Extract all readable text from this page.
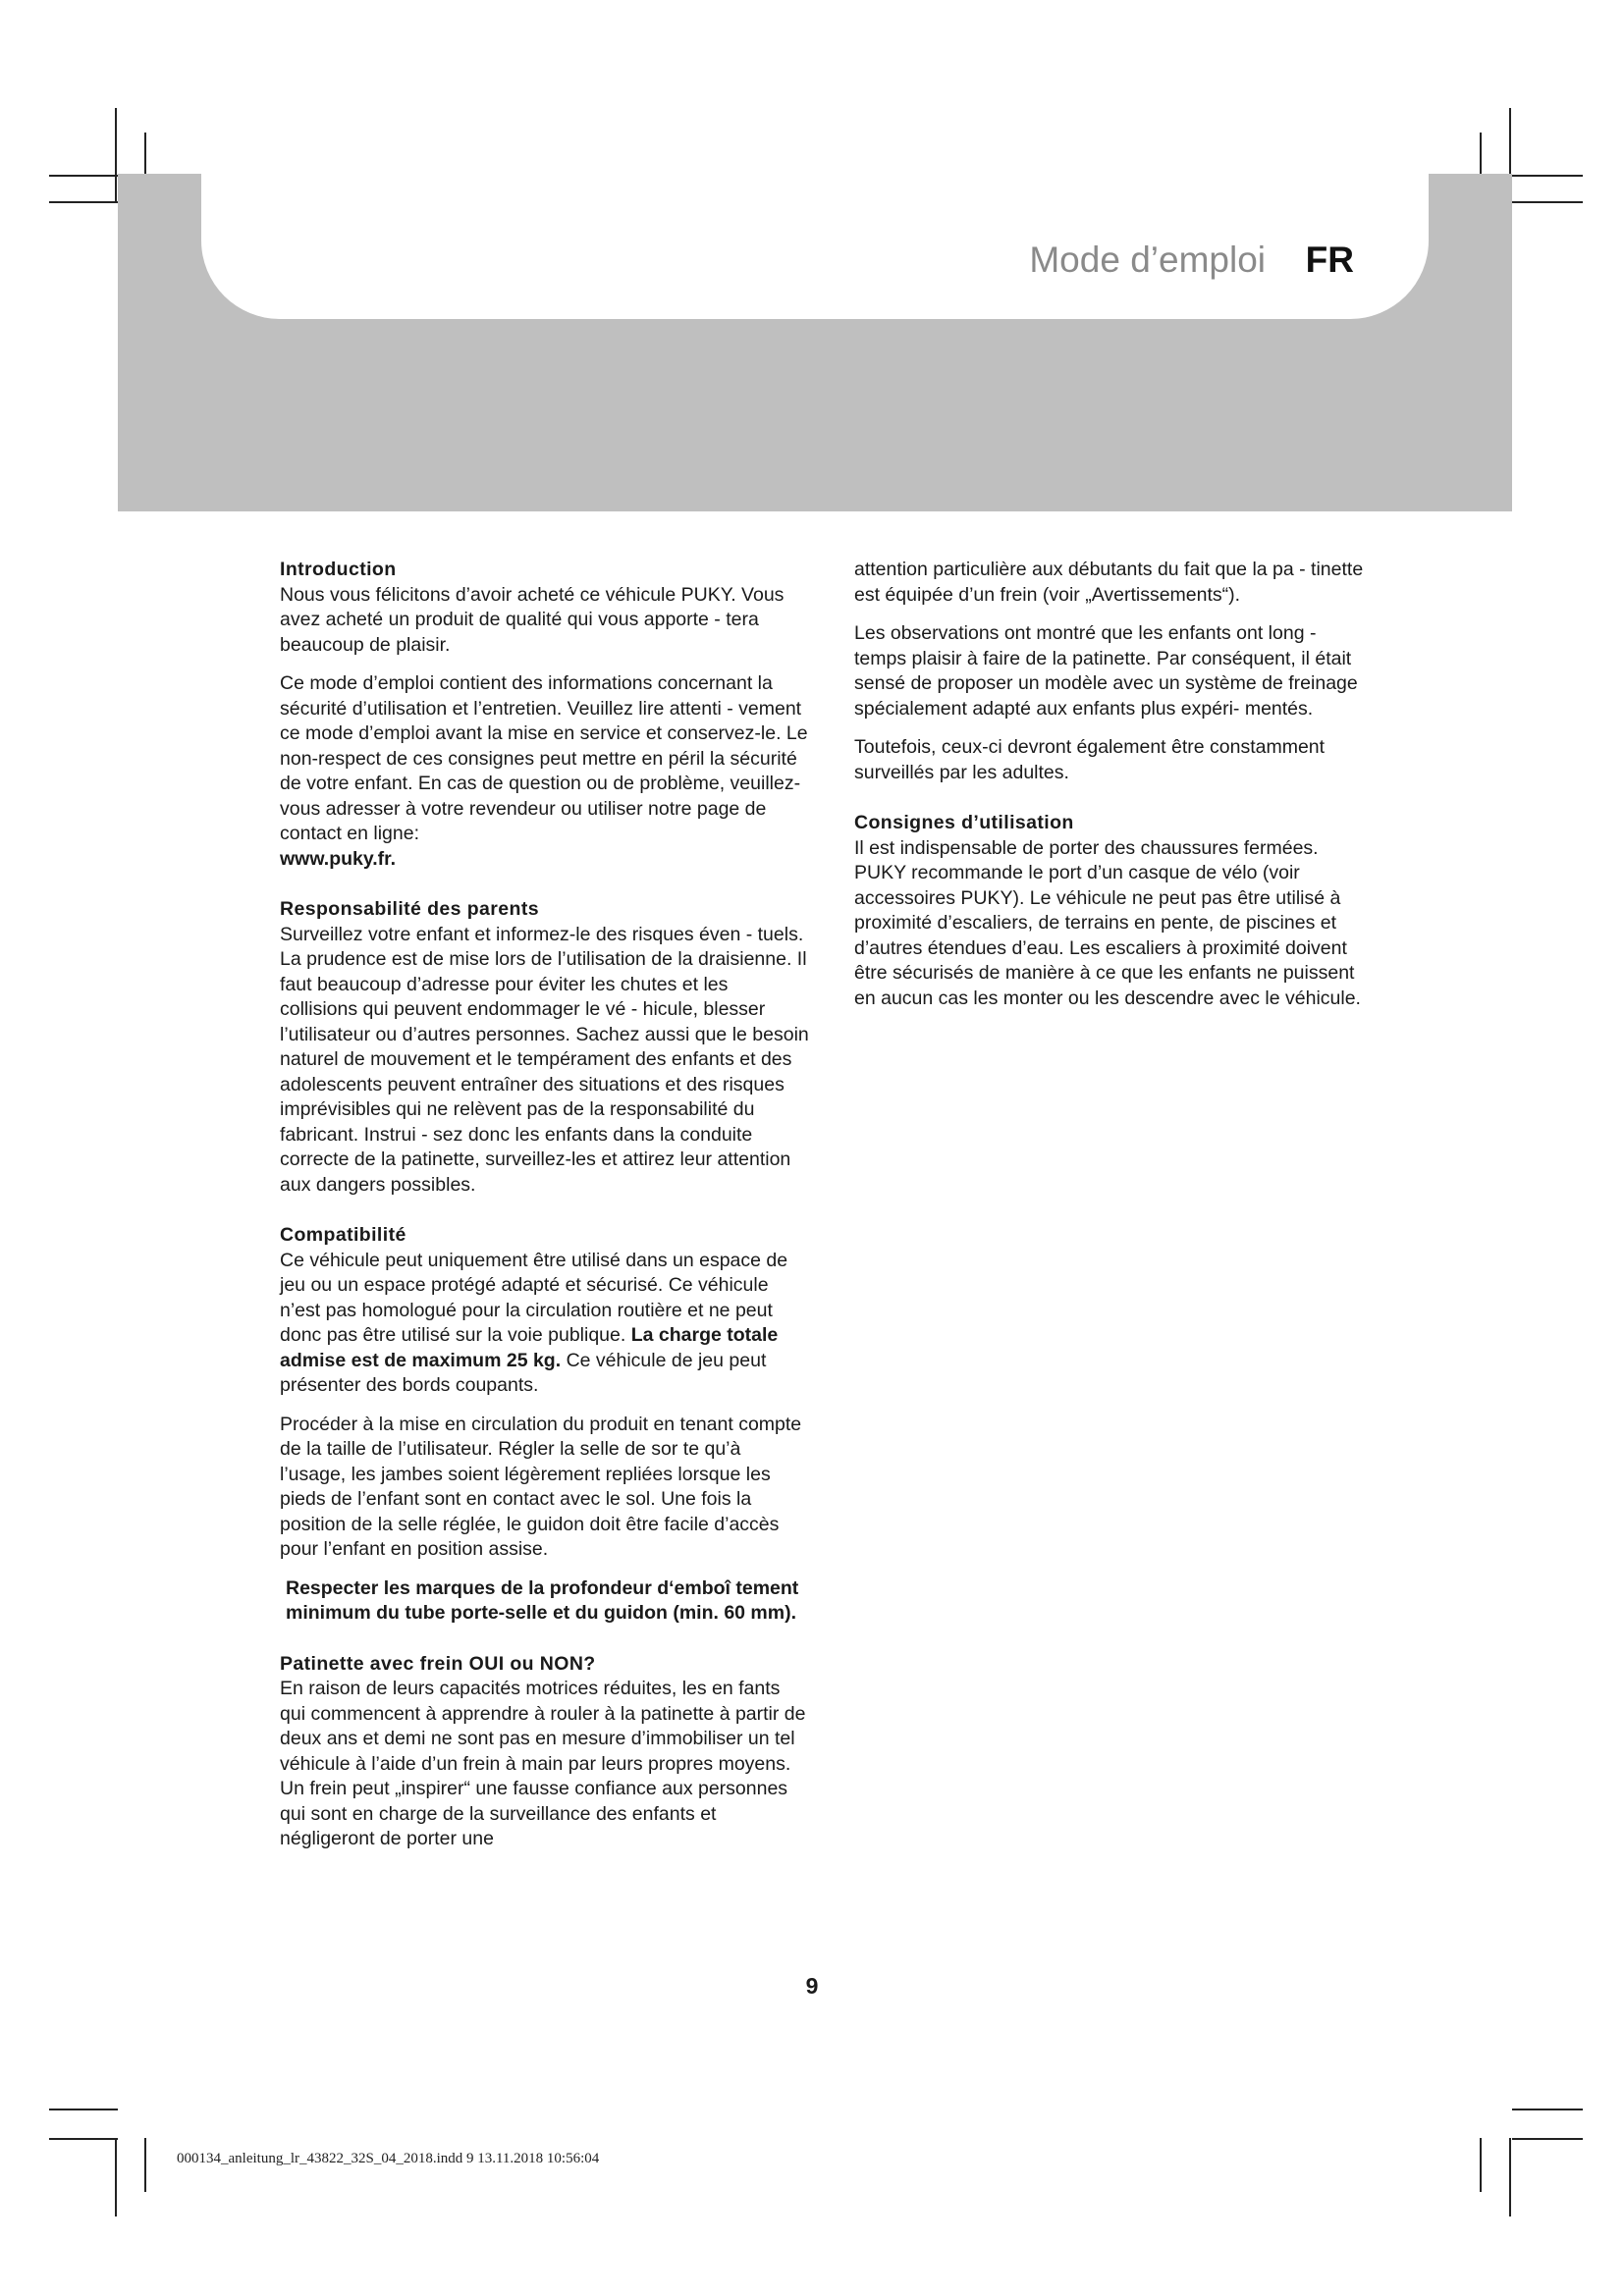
Mode d’emploi FR
Introduction

Nous vous félicitons d’avoir acheté ce véhicule PUKY. Vous avez acheté un produit de qualité qui vous apporte - tera beaucoup de plaisir.

Ce mode d’emploi contient des informations concernant la sécurité d’utilisation et l’entretien. Veuillez lire attenti - vement ce mode d’emploi avant la mise en service et conservez-le. Le non-respect de ces consignes peut mettre en péril la sécurité de votre enfant. En cas de question ou de problème, veuillez-vous adresser à votre revendeur ou utiliser notre page de contact en ligne:
www.puky.fr.

Responsabilité des parents

Surveillez votre enfant et informez-le des risques éven - tuels. La prudence est de mise lors de l’utilisation de la draisienne. Il faut beaucoup d’adresse pour éviter les chutes et les collisions qui peuvent endommager le vé - hicule, blesser l’utilisateur ou d’autres personnes. Sachez aussi que le besoin naturel de mouvement et le tempérament des enfants et des adolescents peuvent entraîner des situations et des risques imprévisibles qui ne relèvent pas de la responsabilité du fabricant. Instrui - sez donc les enfants dans la conduite correcte de la patinette, surveillez-les et attirez leur attention aux dangers possibles.

Compatibilité

Ce véhicule peut uniquement être utilisé dans un espace de jeu ou un espace protégé adapté et sécurisé. Ce véhicule n’est pas homologué pour la circulation routière et ne peut donc pas être utilisé sur la voie publique. La charge totale admise est de maximum 25 kg. Ce véhicule de jeu peut présenter des bords coupants.

Procéder à la mise en circulation du produit en tenant compte de la taille de l’utilisateur. Régler la selle de sor te qu’à l’usage, les jambes soient légèrement repliées lorsque les pieds de l’enfant sont en contact avec le sol. Une fois la position de la selle réglée, le guidon doit être facile d’accès pour l’enfant en position assise.

Respecter les marques de la profondeur d‘emboî tement minimum du tube porte-selle et du guidon (min. 60 mm).

Patinette avec frein OUI ou NON?

En raison de leurs capacités motrices réduites, les en fants qui commencent à apprendre à rouler à la patinette à partir de deux ans et demi ne sont pas en mesure d’immobiliser un tel véhicule à l’aide d’un frein à main par leurs propres moyens. Un frein peut „inspirer“ une fausse confiance aux personnes qui sont en charge de la surveillance des enfants et négligeront de porter une

attention particulière aux débutants du fait que la pa - tinette est équipée d’un frein (voir „Avertissements“).

Les observations ont montré que les enfants ont long - temps plaisir à faire de la patinette. Par conséquent, il était sensé de proposer un modèle avec un système de freinage spécialement adapté aux enfants plus expéri- mentés.

Toutefois, ceux-ci devront également être constamment surveillés par les adultes.

Consignes d’utilisation

Il est indispensable de porter des chaussures fermées. PUKY recommande le port d’un casque de vélo (voir accessoires PUKY). Le véhicule ne peut pas être utilisé à proximité d’escaliers, de terrains en pente, de piscines et d’autres étendues d’eau. Les escaliers à proximité doivent être sécurisés de manière à ce que les enfants ne puissent en aucun cas les monter ou les descendre avec le véhicule.

9
000134_anleitung_lr_43822_32S_04_2018.indd 9 13.11.2018 10:56:04
